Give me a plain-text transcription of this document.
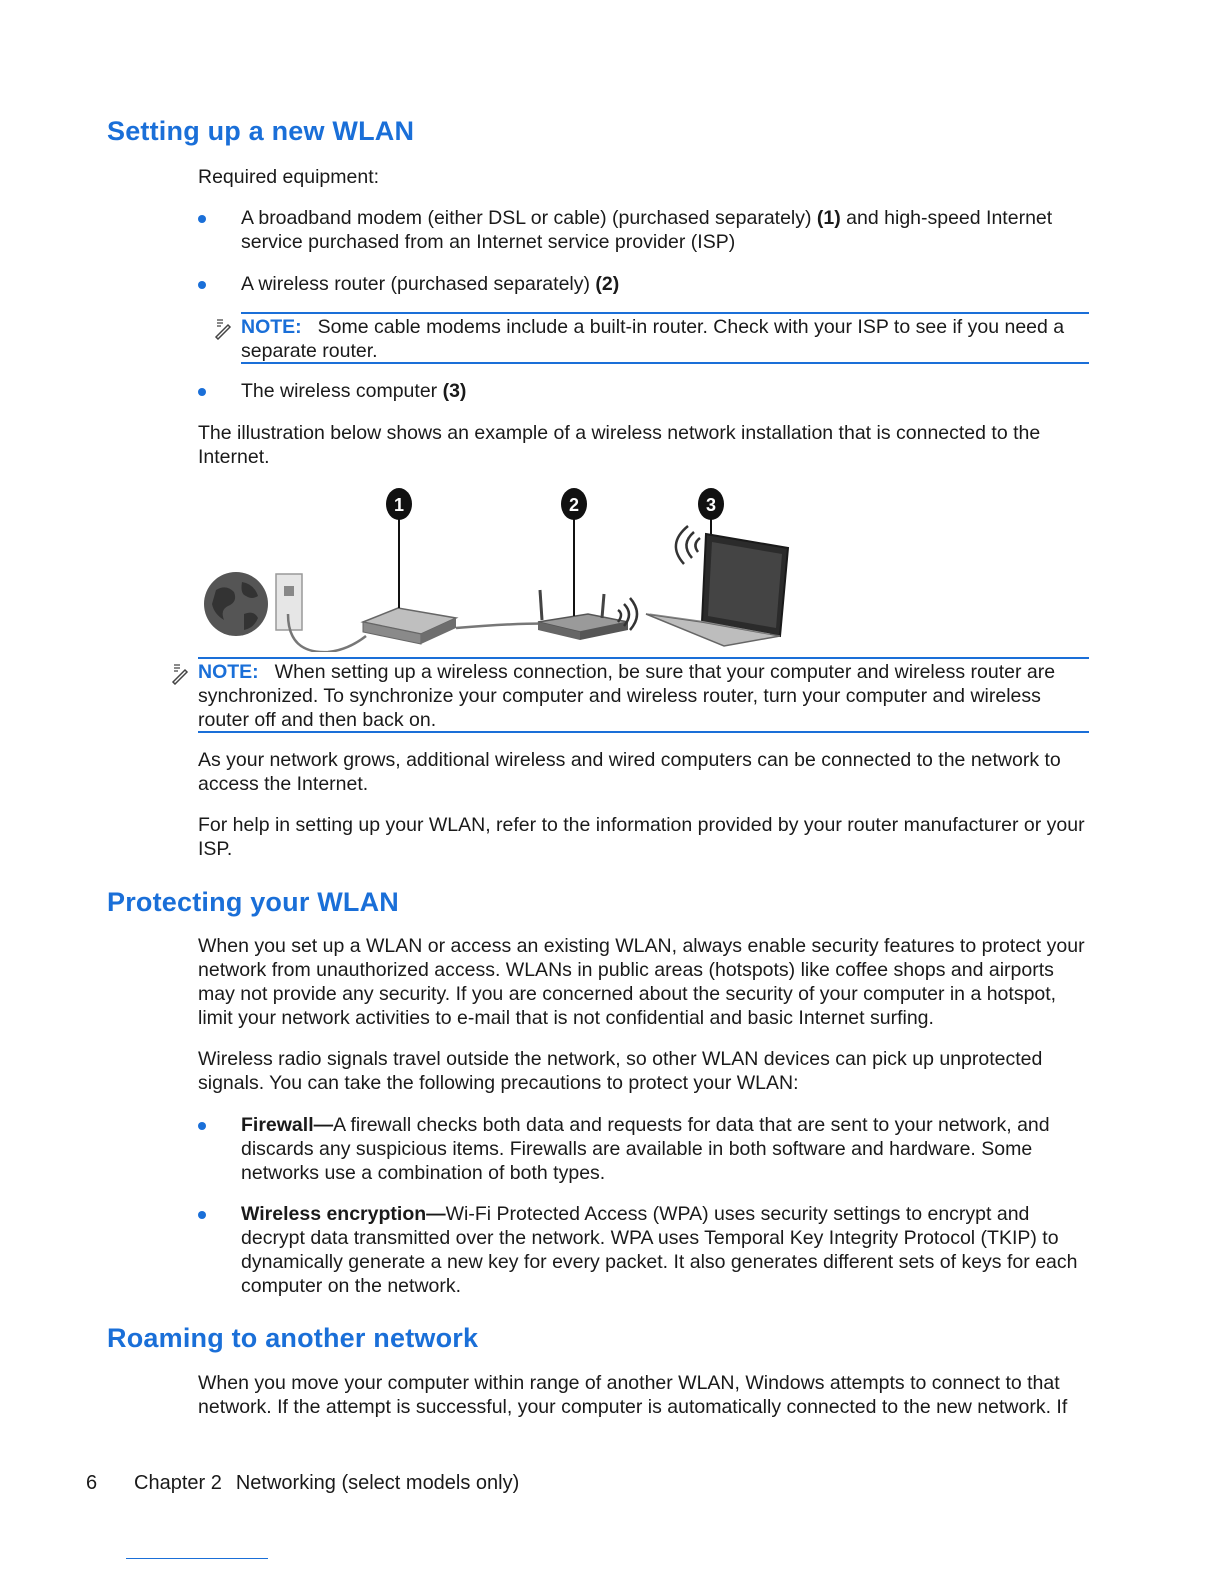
Setting up a new WLAN

Required equipment:

A broadband modem (either DSL or cable) (purchased separately) (1) and high-speed Internet service purchased from an Internet service provider (ISP)
A wireless router (purchased separately) (2)
NOTE: Some cable modems include a built-in router. Check with your ISP to see if you need a separate router.
The wireless computer (3)

The illustration below shows an example of a wireless network installation that is connected to the Internet.

1	2	3
NOTE: When setting up a wireless connection, be sure that your computer and wireless router are synchronized. To synchronize your computer and wireless router, turn your computer and wireless router off and then back on.

As your network grows, additional wireless and wired computers can be connected to the network to access the Internet.

For help in setting up your WLAN, refer to the information provided by your router manufacturer or your ISP.

Protecting your WLAN

When you set up a WLAN or access an existing WLAN, always enable security features to protect your network from unauthorized access. WLANs in public areas (hotspots) like coffee shops and airports may not provide any security. If you are concerned about the security of your computer in a hotspot, limit your network activities to e-mail that is not confidential and basic Internet surfing.

Wireless radio signals travel outside the network, so other WLAN devices can pick up unprotected signals. You can take the following precautions to protect your WLAN:

Firewall—A firewall checks both data and requests for data that are sent to your network, and discards any suspicious items. Firewalls are available in both software and hardware. Some networks use a combination of both types.
Wireless encryption—Wi-Fi Protected Access (WPA) uses security settings to encrypt and decrypt data transmitted over the network. WPA uses Temporal Key Integrity Protocol (TKIP) to dynamically generate a new key for every packet. It also generates different sets of keys for each computer on the network.
Roaming to another network

When you move your computer within range of another WLAN, Windows attempts to connect to that network. If the attempt is successful, your computer is automatically connected to the new network. If

6 Chapter 2 Networking (select models only)
